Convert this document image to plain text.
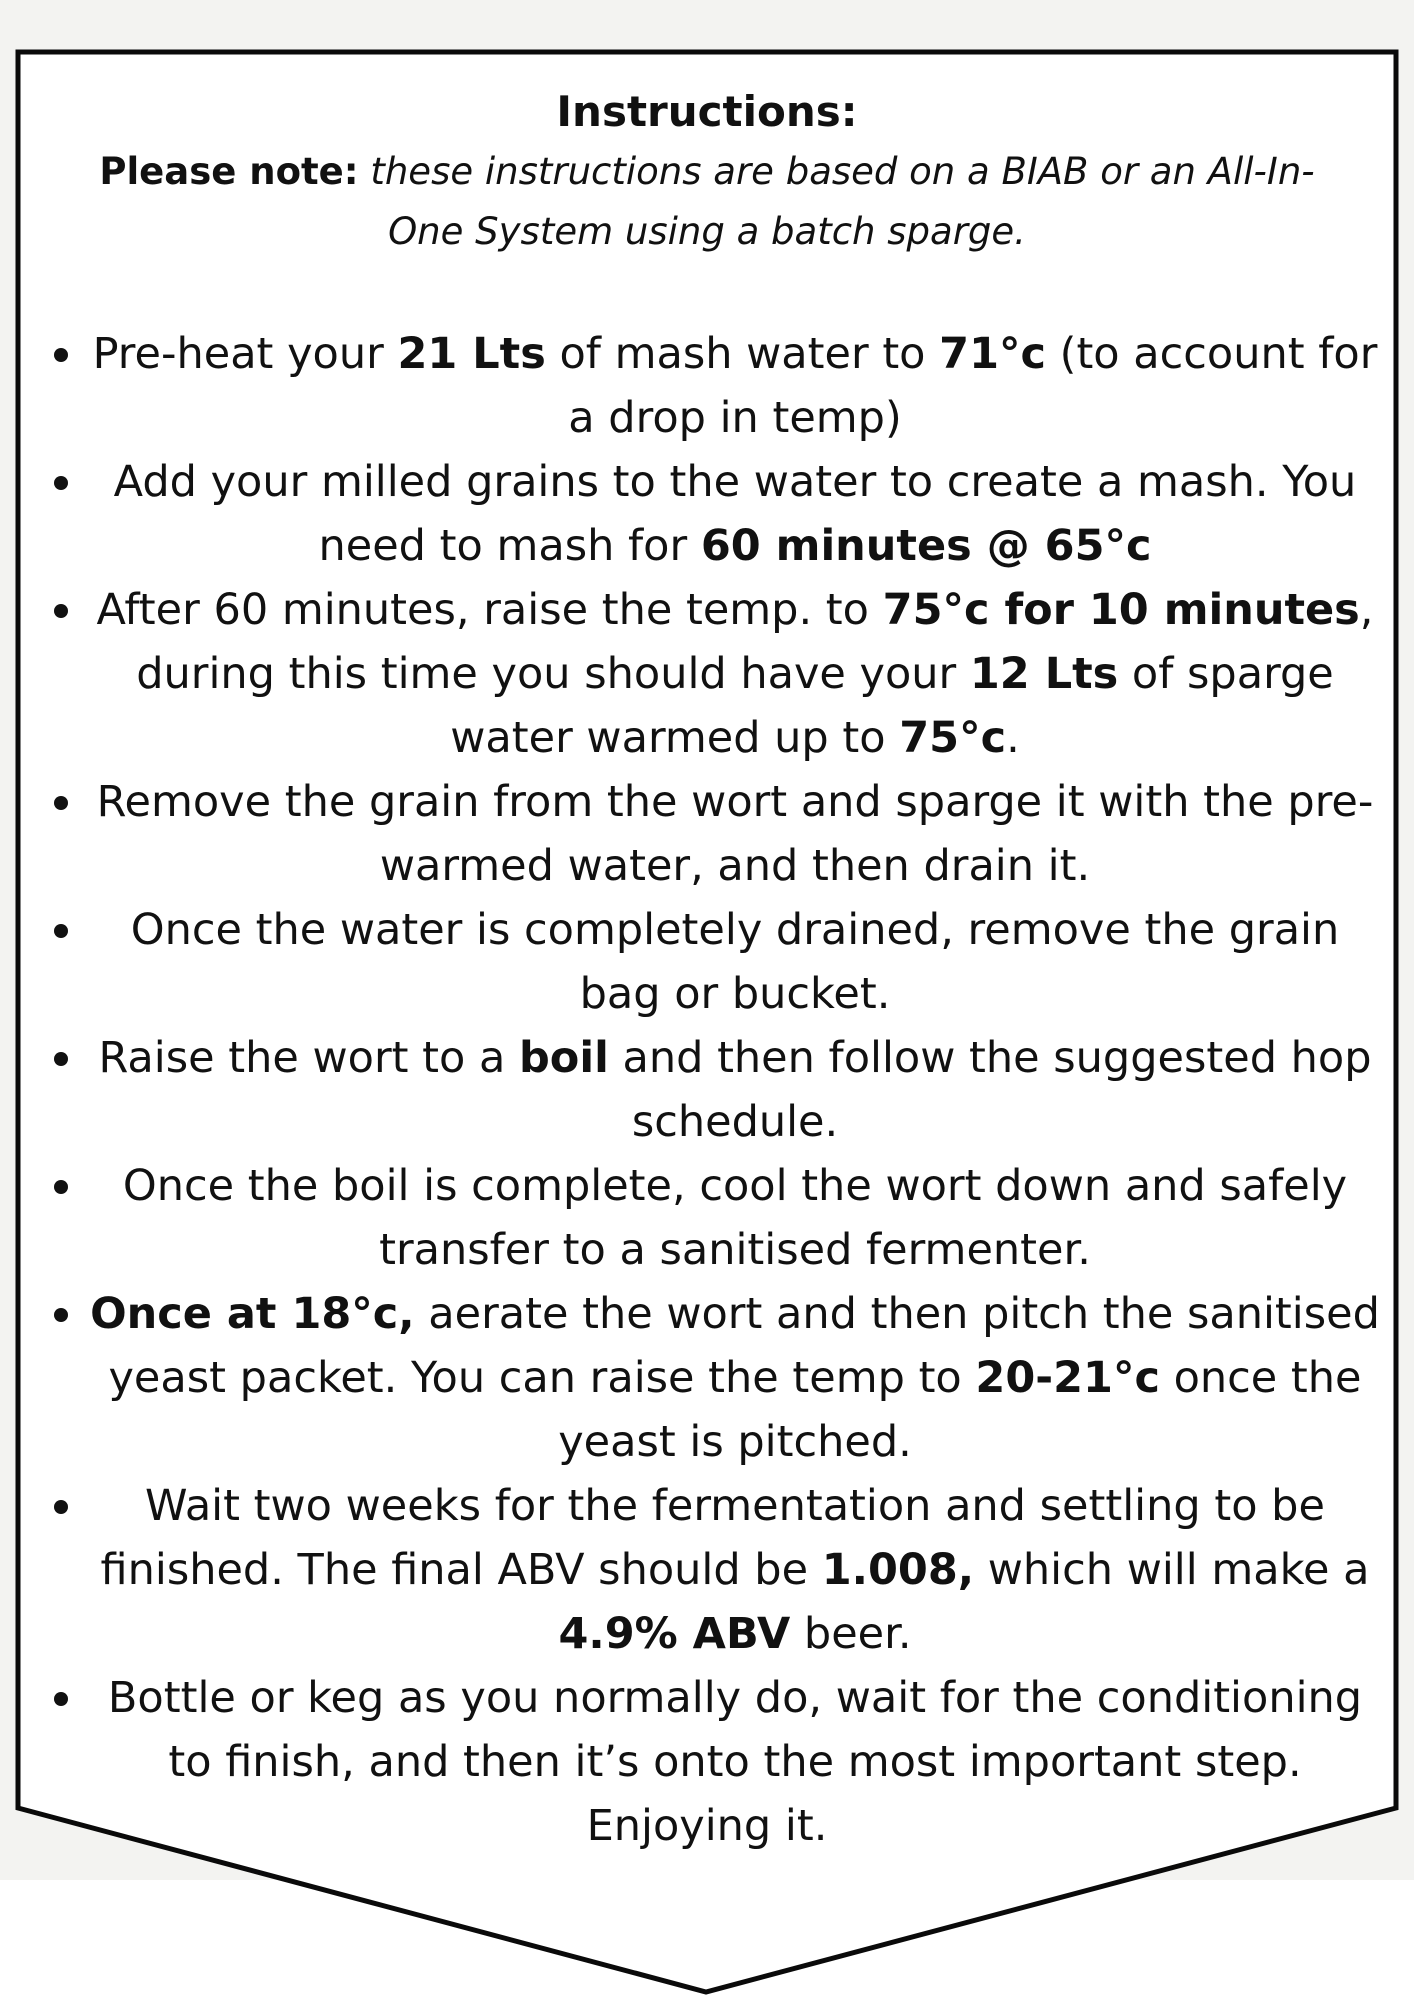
Instructions:

Please note: these instructions are based on a BIAB or an All-In-One System using a batch sparge.

Pre-heat your 21 Lts of mash water to 71°c (to account for a drop in temp)
Add your milled grains to the water to create a mash. You need to mash for 60 minutes @ 65°c
After 60 minutes, raise the temp. to 75°c for 10 minutes, during this time you should have your 12 Lts of sparge water warmed up to 75°c.
Remove the grain from the wort and sparge it with the pre-warmed water, and then drain it.
Once the water is completely drained, remove the grain bag or bucket.
Raise the wort to a boil and then follow the suggested hop schedule.
Once the boil is complete, cool the wort down and safely transfer to a sanitised fermenter.
Once at 18°c, aerate the wort and then pitch the sanitised yeast packet. You can raise the temp to 20-21°c once the yeast is pitched.
Wait two weeks for the fermentation and settling to be finished. The final ABV should be 1.008, which will make a 4.9% ABV beer.
Bottle or keg as you normally do, wait for the conditioning to finish, and then it’s onto the most important step.

Enjoying it.
